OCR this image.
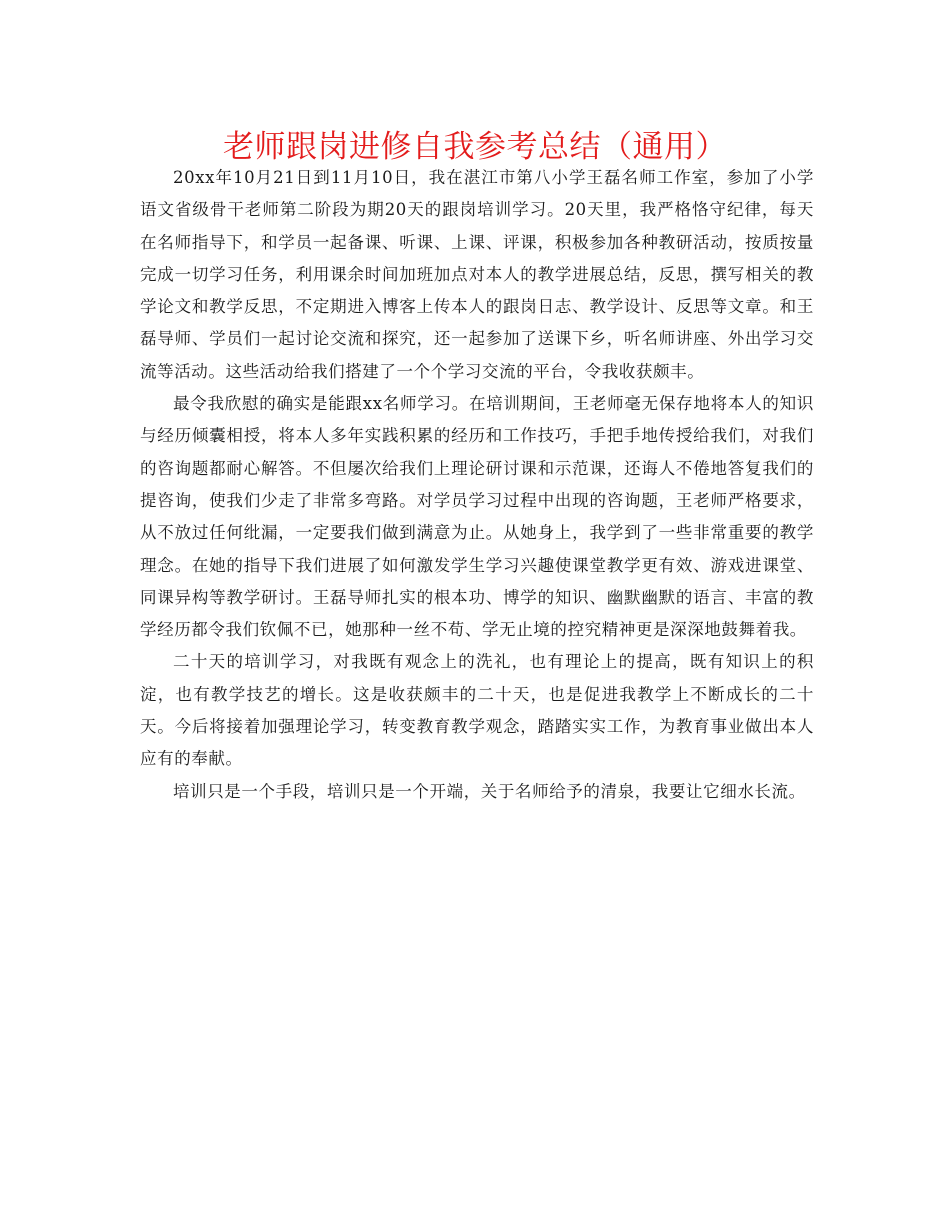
老师跟岗进修自我参考总结（通用）

20xx年10月21日到11月10日，我在湛江市第八小学王磊名师工作室，参加了小学语文省级骨干老师第二阶段为期20天的跟岗培训学习。20天里，我严格恪守纪律，每天在名师指导下，和学员一起备课、听课、上课、评课，积极参加各种教研活动，按质按量完成一切学习任务，利用课余时间加班加点对本人的教学进展总结，反思，撰写相关的教学论文和教学反思，不定期进入博客上传本人的跟岗日志、教学设计、反思等文章。和王磊导师、学员们一起讨论交流和探究，还一起参加了送课下乡，听名师讲座、外出学习交流等活动。这些活动给我们搭建了一个个学习交流的平台，令我收获颇丰。

最令我欣慰的确实是能跟xx名师学习。在培训期间，王老师毫无保存地将本人的知识与经历倾囊相授，将本人多年实践积累的经历和工作技巧，手把手地传授给我们，对我们的咨询题都耐心解答。不但屡次给我们上理论研讨课和示范课，还诲人不倦地答复我们的提咨询，使我们少走了非常多弯路。对学员学习过程中出现的咨询题，王老师严格要求，从不放过任何纰漏，一定要我们做到满意为止。从她身上，我学到了一些非常重要的教学理念。在她的指导下我们进展了如何激发学生学习兴趣使课堂教学更有效、游戏进课堂、同课异构等教学研讨。王磊导师扎实的根本功、博学的知识、幽默幽默的语言、丰富的教学经历都令我们钦佩不已，她那种一丝不苟、学无止境的控究精神更是深深地鼓舞着我。

二十天的培训学习，对我既有观念上的洗礼，也有理论上的提高，既有知识上的积淀，也有教学技艺的增长。这是收获颇丰的二十天，也是促进我教学上不断成长的二十天。今后将接着加强理论学习，转变教育教学观念，踏踏实实工作，为教育事业做出本人应有的奉献。

培训只是一个手段，培训只是一个开端，关于名师给予的清泉，我要让它细水长流。
